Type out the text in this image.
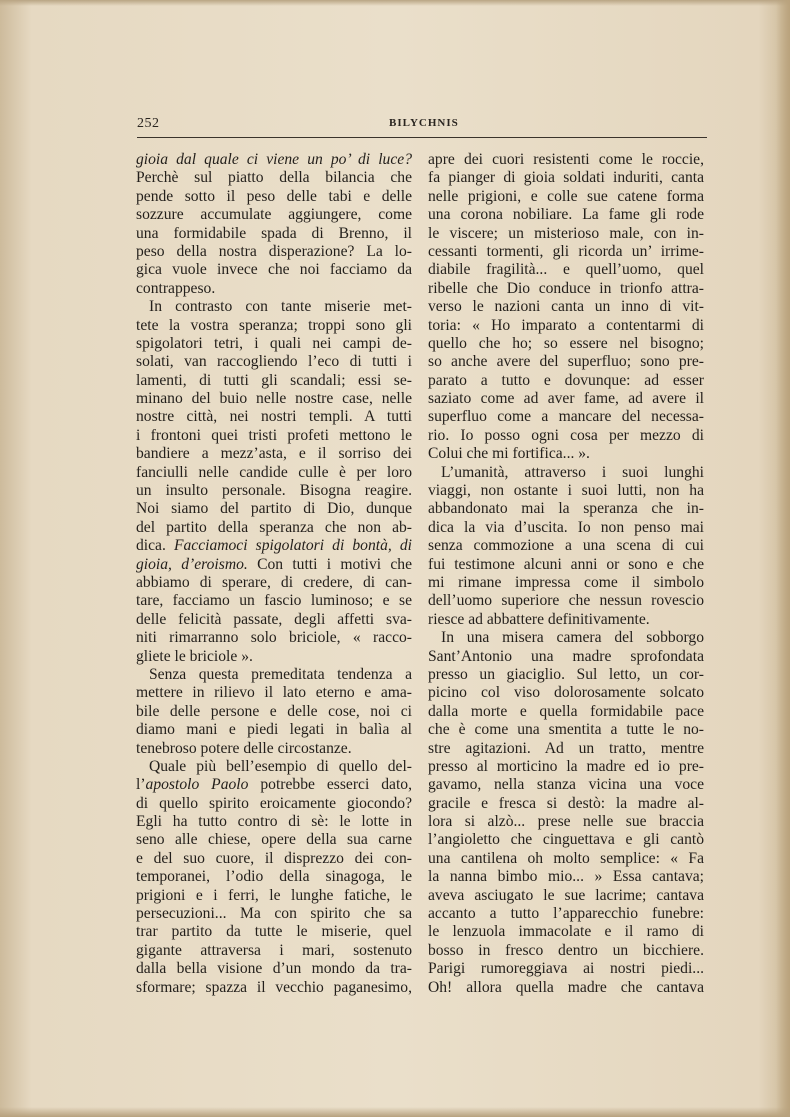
252	BILYCHNIS
gioia dal quale ci viene un po’ di luce?
Perchè sul piatto della bilancia che
pende sotto il peso delle tabi e delle
sozzure accumulate aggiungere, come
una formidabile spada di Brenno, il
peso della nostra disperazione? La lo-
gica vuole invece che noi facciamo da
contrappeso.
In contrasto con tante miserie met-
tete la vostra speranza; troppi sono gli
spigolatori tetri, i quali nei campi de-
solati, van raccogliendo l’eco di tutti i
lamenti, di tutti gli scandali; essi se-
minano del buio nelle nostre case, nelle
nostre città, nei nostri templi. A tutti
i frontoni quei tristi profeti mettono le
bandiere a mezz’asta, e il sorriso dei
fanciulli nelle candide culle è per loro
un insulto personale. Bisogna reagire.
Noi siamo del partito di Dio, dunque
del partito della speranza che non ab-
dica. Facciamoci spigolatori di bontà, di
gioia, d’eroismo. Con tutti i motivi che
abbiamo di sperare, di credere, di can-
tare, facciamo un fascio luminoso; e se
delle felicità passate, degli affetti sva-
niti rimarranno solo briciole, « racco-
gliete le briciole ».
Senza questa premeditata tendenza a
mettere in rilievo il lato eterno e ama-
bile delle persone e delle cose, noi ci
diamo mani e piedi legati in balìa al
tenebroso potere delle circostanze.
Quale più bell’esempio di quello del-
l’apostolo Paolo potrebbe esserci dato,
di quello spirito eroicamente giocondo?
Egli ha tutto contro di sè: le lotte in
seno alle chiese, opere della sua carne
e del suo cuore, il disprezzo dei con-
temporanei, l’odio della sinagoga, le
prigioni e i ferri, le lunghe fatiche, le
persecuzioni... Ma con spirito che sa
trar partito da tutte le miserie, quel
gigante attraversa i mari, sostenuto
dalla bella visione d’un mondo da tra-
sformare; spazza il vecchio paganesimo,
apre dei cuori resistenti come le roccie,
fa pianger di gioia soldati induriti, canta
nelle prigioni, e colle sue catene forma
una corona nobiliare. La fame gli rode
le viscere; un misterioso male, con in-
cessanti tormenti, gli ricorda un’ irrime-
diabile fragilità... e quell’uomo, quel
ribelle che Dio conduce in trionfo attra-
verso le nazioni canta un inno di vit-
toria: « Ho imparato a contentarmi di
quello che ho; so essere nel bisogno;
so anche avere del superfluo; sono pre-
parato a tutto e dovunque: ad esser
saziato come ad aver fame, ad avere il
superfluo come a mancare del necessa-
rio. Io posso ogni cosa per mezzo di
Colui che mi fortifica... ».
L’umanità, attraverso i suoi lunghi
viaggi, non ostante i suoi lutti, non ha
abbandonato mai la speranza che in-
dica la via d’uscita. Io non penso mai
senza commozione a una scena di cui
fui testimone alcuni anni or sono e che
mi rimane impressa come il simbolo
dell’uomo superiore che nessun rovescio
riesce ad abbattere definitivamente.
In una misera camera del sobborgo
Sant’Antonio una madre sprofondata
presso un giaciglio. Sul letto, un cor-
picino col viso dolorosamente solcato
dalla morte e quella formidabile pace
che è come una smentita a tutte le no-
stre agitazioni. Ad un tratto, mentre
presso al morticino la madre ed io pre-
gavamo, nella stanza vicina una voce
gracile e fresca si destò: la madre al-
lora si alzò... prese nelle sue braccia
l’angioletto che cinguettava e gli cantò
una cantilena oh molto semplice: « Fa
la nanna bimbo mio... » Essa cantava;
aveva asciugato le sue lacrime; cantava
accanto a tutto l’apparecchio funebre:
le lenzuola immacolate e il ramo di
bosso in fresco dentro un bicchiere.
Parigi rumoreggiava ai nostri piedi...
Oh! allora quella madre che cantava
